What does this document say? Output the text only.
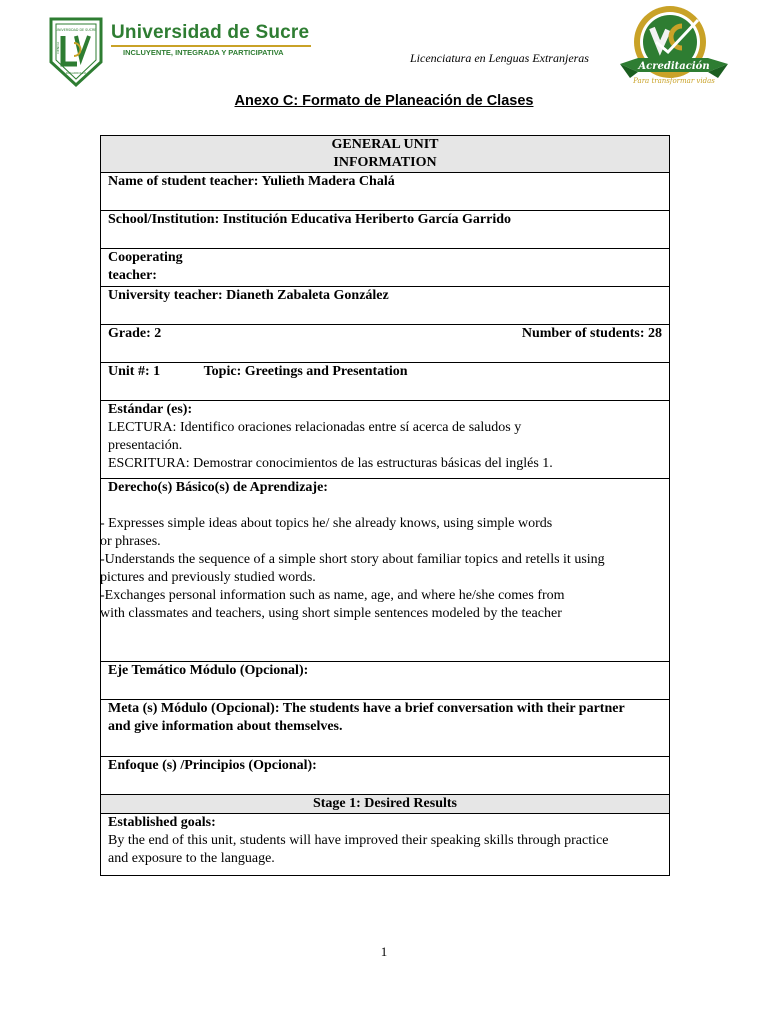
UNIVERSIDAD DE SUCRE
CIENCIA
DESARROLLO
Universidad de Sucre
INCLUYENTE, INTEGRADA Y PARTICIPATIVA	Licenciatura en Lenguas Extranjeras
Acreditación
Para transformar vidas
Anexo C: Formato de Planeación de Clases
GENERAL UNIT
INFORMATION

Name of student teacher: Yulieth Madera Chalá
School/Institution: Institución Educativa Heriberto García Garrido

Cooperating
teacher:

University teacher: Dianeth Zabaleta González

Grade: 2	Number of students: 28

Unit #: 1	Topic: Greetings and Presentation

Estándar (es):
LECTURA: Identifico oraciones relacionadas entre sí acerca de saludos y
presentación.
ESCRITURA: Demostrar conocimientos de las estructuras básicas del inglés 1.

Derecho(s) Básico(s) de Aprendizaje:
- Expresses simple ideas about topics he/ she already knows, using simple words
or phrases.
-Understands the sequence of a simple short story about familiar topics and retells it using
pictures and previously studied words.
-Exchanges personal information such as name, age, and where he/she comes from
with classmates and teachers, using short simple sentences modeled by the teacher

Eje Temático Módulo (Opcional):

Meta (s) Módulo (Opcional): The students have a brief conversation with their partner
and give information about themselves.

Enfoque (s) /Principios (Opcional):
Stage 1: Desired Results

Established goals:
By the end of this unit, students will have improved their speaking skills through practice
and exposure to the language.
1
